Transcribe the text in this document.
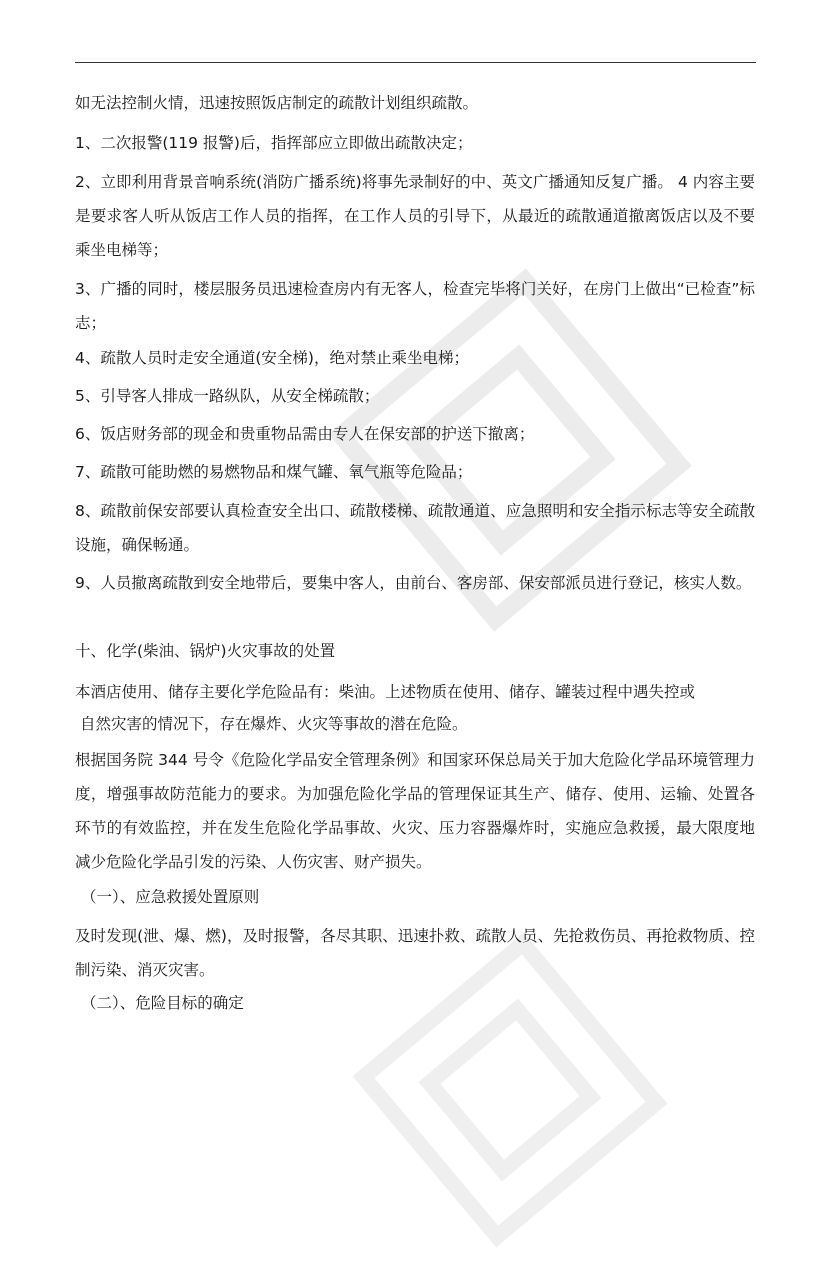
如无法控制火情，迅速按照饭店制定的疏散计划组织疏散。
1、二次报警(119 报警)后，指挥部应立即做出疏散决定；
2、立即利用背景音响系统(消防广播系统)将事先录制好的中、英文广播通知反复广播。 4 内容主要是要求客人听从饭店工作人员的指挥，在工作人员的引导下，从最近的疏散通道撤离饭店以及不要乘坐电梯等；
3、广播的同时，楼层服务员迅速检查房内有无客人，检查完毕将门关好，在房门上做出“已检查”标志；
4、疏散人员时走安全通道(安全梯)，绝对禁止乘坐电梯；
5、引导客人排成一路纵队，从安全梯疏散；
6、饭店财务部的现金和贵重物品需由专人在保安部的护送下撤离；
7、疏散可能助燃的易燃物品和煤气罐、氧气瓶等危险品；
8、疏散前保安部要认真检查安全出口、疏散楼梯、疏散通道、应急照明和安全指示标志等安全疏散设施，确保畅通。
9、人员撤离疏散到安全地带后，要集中客人，由前台、客房部、保安部派员进行登记，核实人数。
十、化学(柴油、锅炉)火灾事故的处置
本酒店使用、储存主要化学危险品有：柴油。上述物质在使用、储存、罐装过程中遇失控或
自然灾害的情况下，存在爆炸、火灾等事故的潜在危险。
根据国务院 344 号令《危险化学品安全管理条例》和国家环保总局关于加大危险化学品环境管理力度，增强事故防范能力的要求。为加强危险化学品的管理保证其生产、储存、使用、运输、处置各环节的有效监控，并在发生危险化学品事故、火灾、压力容器爆炸时，实施应急救援，最大限度地减少危险化学品引发的污染、人伤灾害、财产损失。
（一）、应急救援处置原则
及时发现(泄、爆、燃)，及时报警，各尽其职、迅速扑救、疏散人员、先抢救伤员、再抢救物质、控制污染、消灭灾害。
（二）、危险目标的确定
